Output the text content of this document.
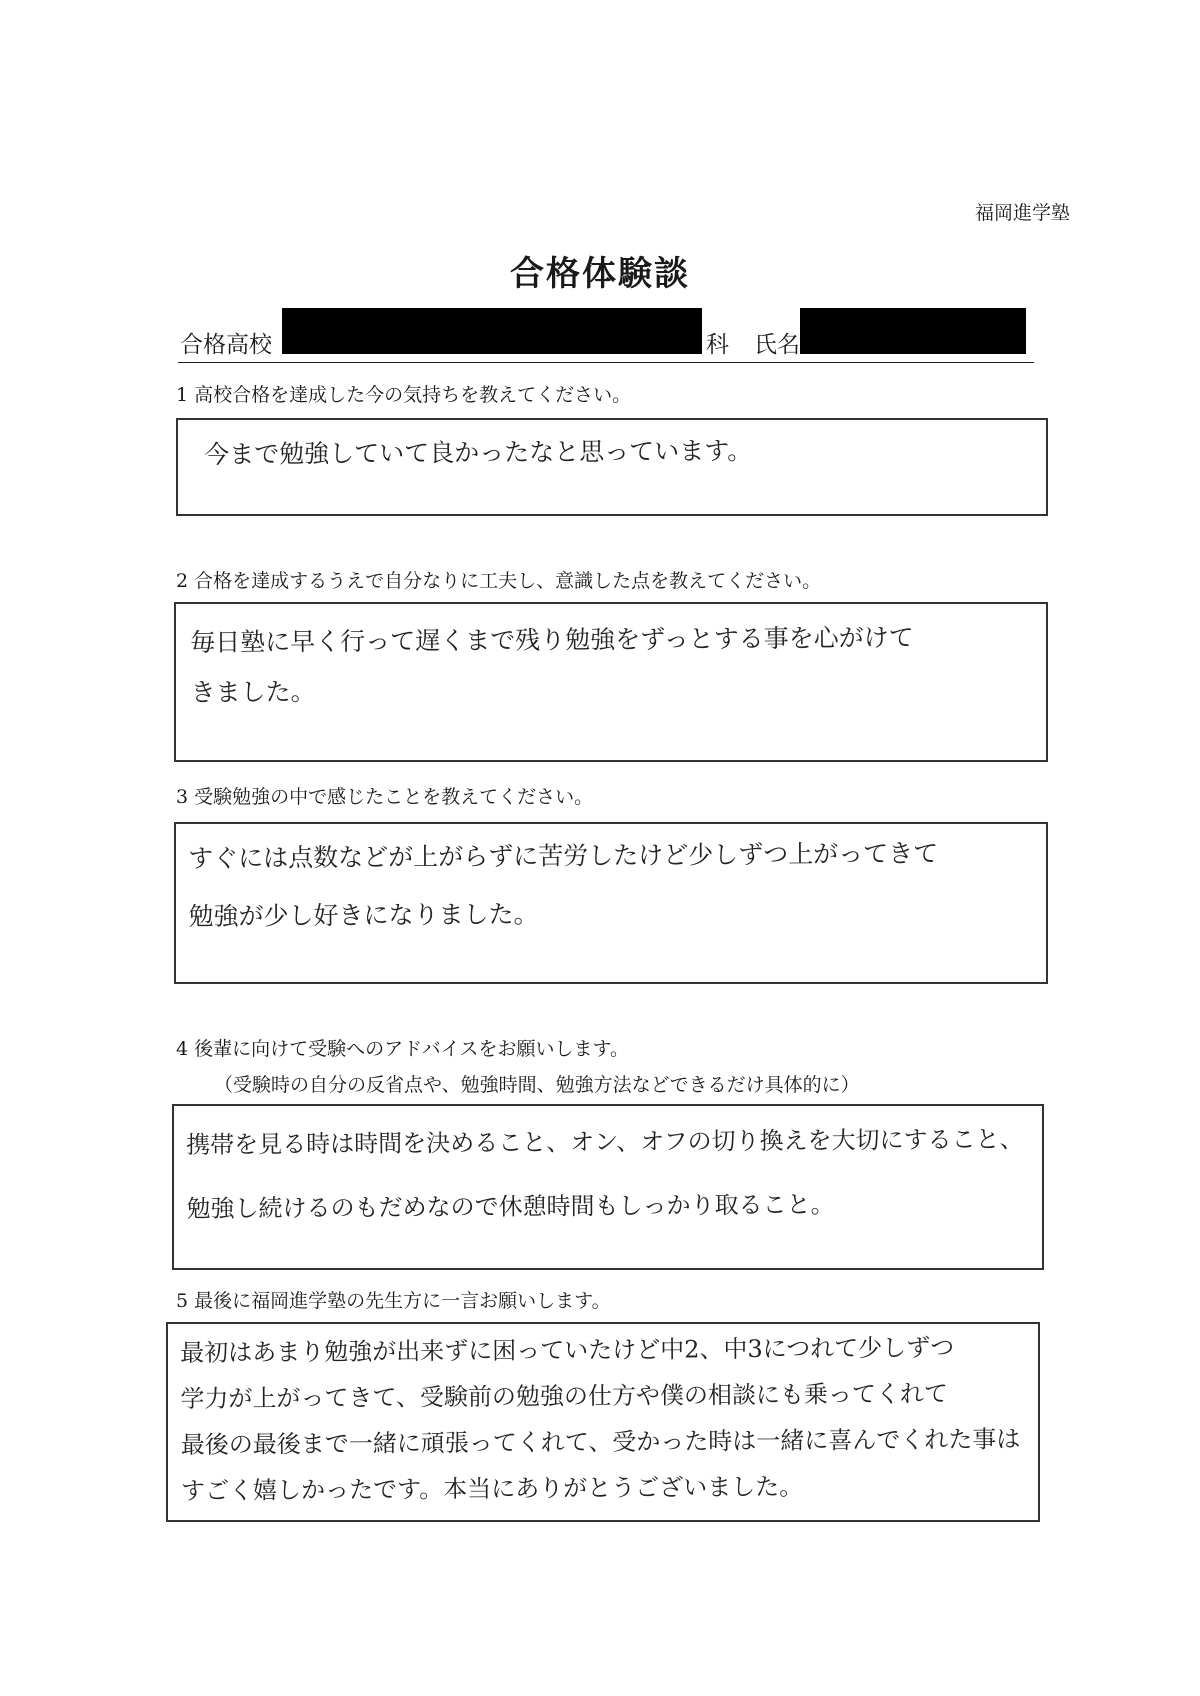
福岡進学塾
合格体験談
合格高校	科 氏名
1 高校合格を達成した今の気持ちを教えてください。
今まで勉強していて良かったなと思っています。
2 合格を達成するうえで自分なりに工夫し、意識した点を教えてください。
毎日塾に早く行って遅くまで残り勉強をずっとする事を心がけて
きました。
3 受験勉強の中で感じたことを教えてください。
すぐには点数などが上がらずに苦労したけど少しずつ上がってきて
勉強が少し好きになりました。
4 後輩に向けて受験へのアドバイスをお願いします。
（受験時の自分の反省点や、勉強時間、勉強方法などできるだけ具体的に）
携帯を見る時は時間を決めること、オン、オフの切り換えを大切にすること、
勉強し続けるのもだめなので休憩時間もしっかり取ること。
5 最後に福岡進学塾の先生方に一言お願いします。
最初はあまり勉強が出来ずに困っていたけど中2、中3につれて少しずつ
学力が上がってきて、受験前の勉強の仕方や僕の相談にも乗ってくれて
最後の最後まで一緒に頑張ってくれて、受かった時は一緒に喜んでくれた事は
すごく嬉しかったです。本当にありがとうございました。
